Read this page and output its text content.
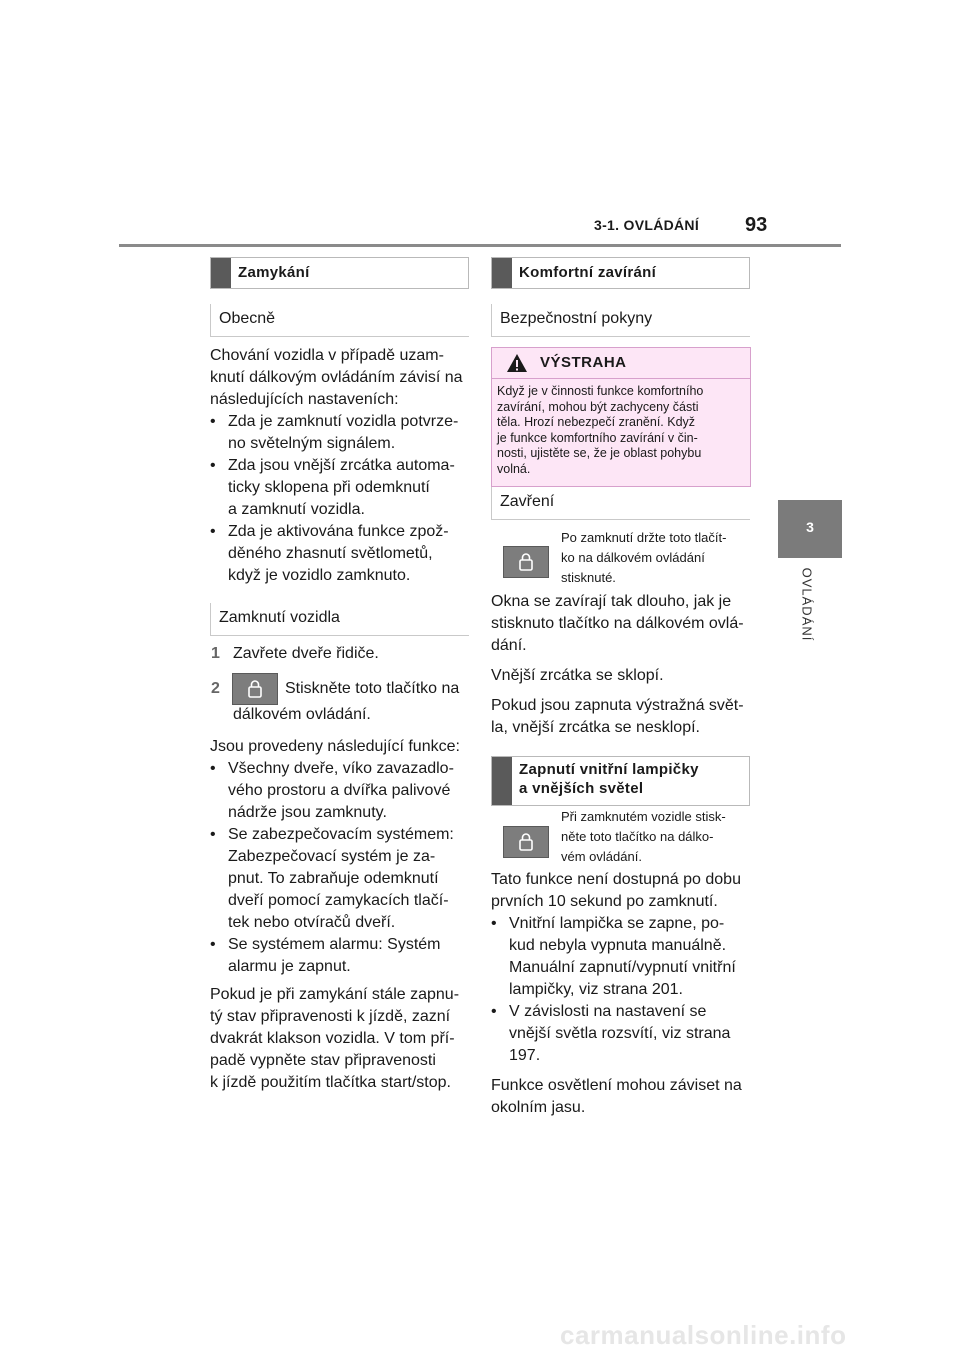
3-1. OVLÁDÁNÍ 93
3
OVLÁDÁNÍ
Zamykání
Obecně

Chování vozidla v případě uzam-

knutí dálkovým ovládáním závisí na

následujících nastaveních:

• Zda je zamknutí vozidla potvrze-

no světelným signálem.

• Zda jsou vnější zrcátka automa-

ticky sklopena při odemknutí

a zamknutí vozidla.

• Zda je aktivována funkce zpož-

děného zhasnutí světlometů,

když je vozidlo zamknuto.

Zamknutí vozidla
1 Zavřete dveře řidiče.
2	Stiskněte toto tlačítko na
dálkovém ovládání.

Jsou provedeny následující funkce:

• Všechny dveře, víko zavazadlo-

vého prostoru a dvířka palivové

nádrže jsou zamknuty.

• Se zabezpečovacím systémem:

Zabezpečovací systém je za-

pnut. To zabraňuje odemknutí

dveří pomocí zamykacích tlačí-

tek nebo otvíračů dveří.

• Se systémem alarmu: Systém

alarmu je zapnut.

Pokud je při zamykání stále zapnu-

tý stav připravenosti k jízdě, zazní

dvakrát klakson vozidla. V tom pří-

padě vypněte stav připravenosti

k jízdě použitím tlačítka start/stop.

Komfortní zavírání
Bezpečnostní pokyny
VÝSTRAHA
Když je v činnosti funkce komfortního
zavírání, mohou být zachyceny části
těla. Hrozí nebezpečí zranění. Když
je funkce komfortního zavírání v čin-
nosti, ujistěte se, že je oblast pohybu
volná.
Zavření
Po zamknutí držte toto tlačít-
ko na dálkovém ovládání
stisknuté.

Okna se zavírají tak dlouho, jak je

stisknuto tlačítko na dálkovém ovlá-

dání.

Vnější zrcátka se sklopí.

Pokud jsou zapnuta výstražná svět-

la, vnější zrcátka se nesklopí.

Zapnutí vnitřní lampičky
a vnějších světel
Při zamknutém vozidle stisk-
něte toto tlačítko na dálko-
vém ovládání.

Tato funkce není dostupná po dobu

prvních 10 sekund po zamknutí.

• Vnitřní lampička se zapne, po-

kud nebyla vypnuta manuálně.

Manuální zapnutí/vypnutí vnitřní

lampičky, viz strana 201.

• V závislosti na nastavení se

vnější světla rozsvítí, viz strana

197.

Funkce osvětlení mohou záviset na

okolním jasu.

carmanualsonline.info
